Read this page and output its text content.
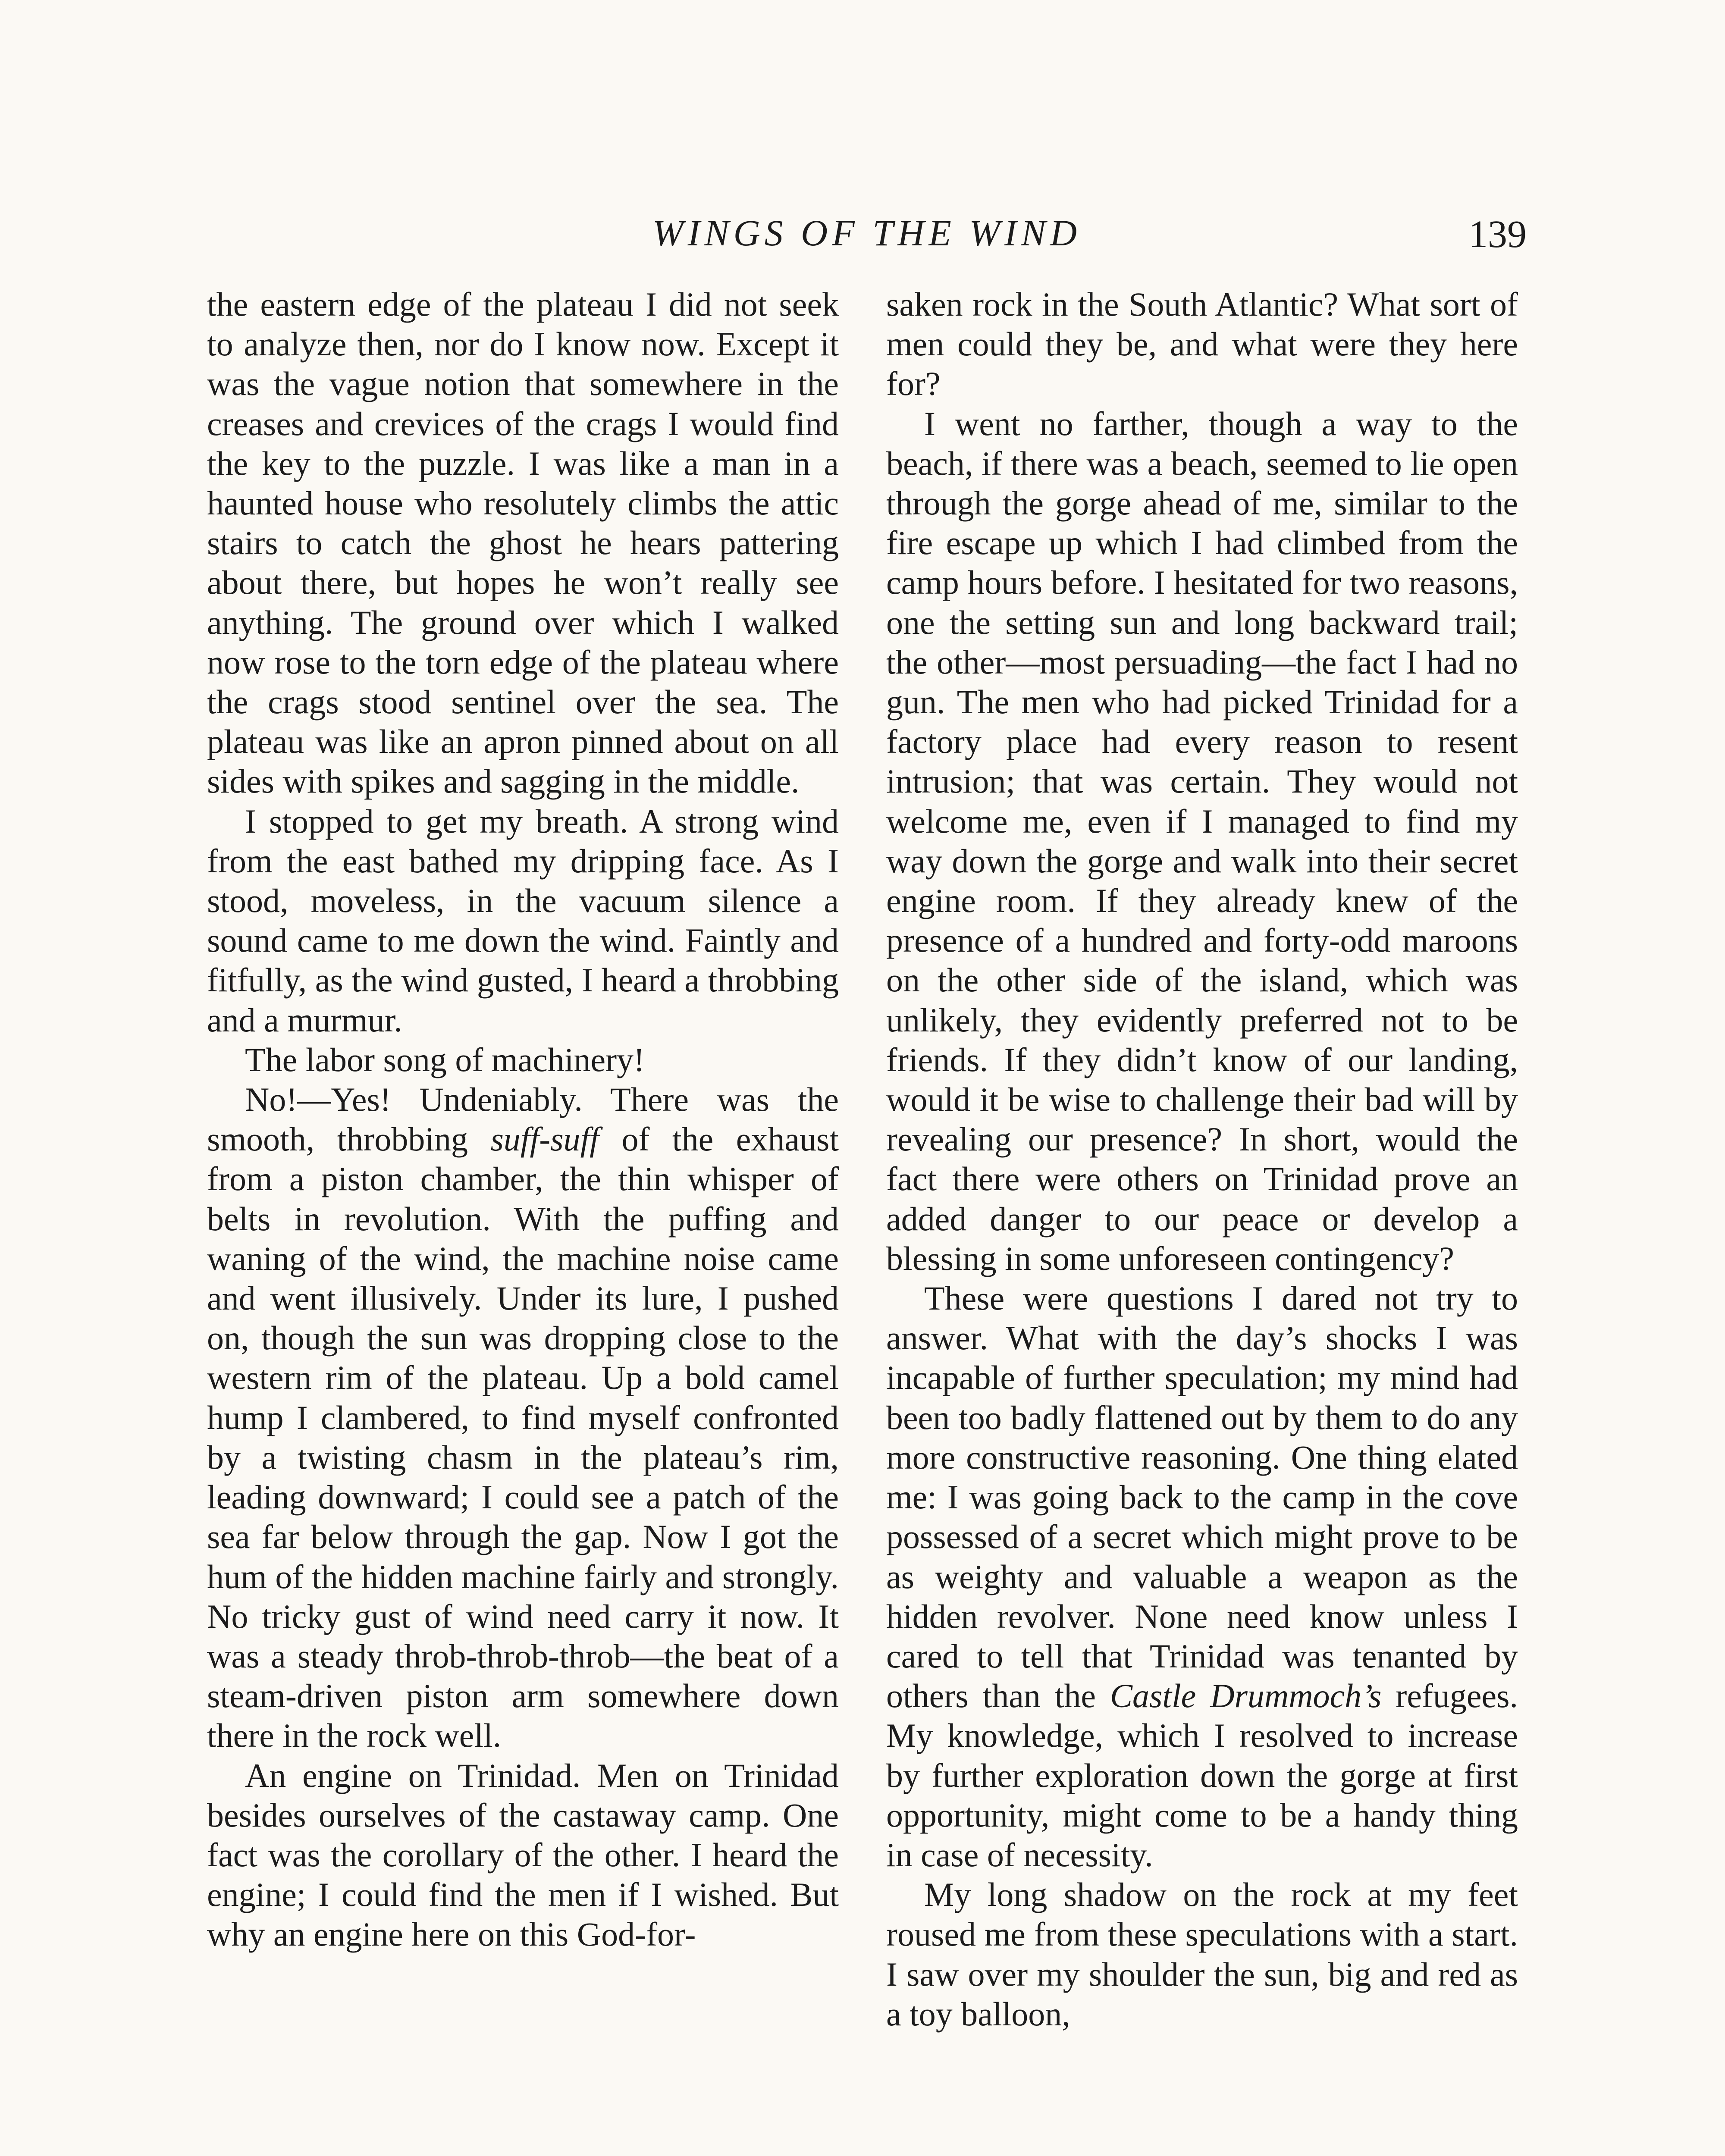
WINGS OF THE WIND	139

the eastern edge of the plateau I did not seek to analyze then, nor do I know now. Except it was the vague notion that somewhere in the creases and crevices of the crags I would find the key to the puzzle. I was like a man in a haunted house who resolutely climbs the attic stairs to catch the ghost he hears pattering about there, but hopes he won’t really see anything. The ground over which I walked now rose to the torn edge of the plateau where the crags stood sentinel over the sea. The plateau was like an apron pinned about on all sides with spikes and sagging in the middle.

I stopped to get my breath. A strong wind from the east bathed my dripping face. As I stood, moveless, in the vacuum silence a sound came to me down the wind. Faintly and fitfully, as the wind gusted, I heard a throbbing and a murmur.

The labor song of machinery!

No!—Yes! Undeniably. There was the smooth, throbbing suff-suff of the exhaust from a piston chamber, the thin whisper of belts in revolution. With the puffing and waning of the wind, the machine noise came and went illusively. Under its lure, I pushed on, though the sun was dropping close to the western rim of the plateau. Up a bold camel hump I clambered, to find myself confronted by a twisting chasm in the plateau’s rim, leading downward; I could see a patch of the sea far below through the gap. Now I got the hum of the hidden machine fairly and strongly. No tricky gust of wind need carry it now. It was a steady throb-throb-throb—the beat of a steam-driven piston arm somewhere down there in the rock well.

An engine on Trinidad. Men on Trinidad besides ourselves of the castaway camp. One fact was the corollary of the other. I heard the engine; I could find the men if I wished. But why an engine here on this God-for-

saken rock in the South Atlantic? What sort of men could they be, and what were they here for?

I went no farther, though a way to the beach, if there was a beach, seemed to lie open through the gorge ahead of me, similar to the fire escape up which I had climbed from the camp hours before. I hesitated for two reasons, one the setting sun and long backward trail; the other—most persuading—the fact I had no gun. The men who had picked Trinidad for a factory place had every reason to resent intrusion; that was certain. They would not welcome me, even if I managed to find my way down the gorge and walk into their secret engine room. If they already knew of the presence of a hundred and forty-odd maroons on the other side of the island, which was unlikely, they evidently preferred not to be friends. If they didn’t know of our landing, would it be wise to challenge their bad will by revealing our presence? In short, would the fact there were others on Trinidad prove an added danger to our peace or develop a blessing in some unforeseen contingency?

These were questions I dared not try to answer. What with the day’s shocks I was incapable of further speculation; my mind had been too badly flattened out by them to do any more constructive reasoning. One thing elated me: I was going back to the camp in the cove possessed of a secret which might prove to be as weighty and valuable a weapon as the hidden revolver. None need know unless I cared to tell that Trinidad was tenanted by others than the Castle Drummoch’s refugees. My knowledge, which I resolved to increase by further exploration down the gorge at first opportunity, might come to be a handy thing in case of necessity.

My long shadow on the rock at my feet roused me from these speculations with a start. I saw over my shoulder the sun, big and red as a toy balloon,
